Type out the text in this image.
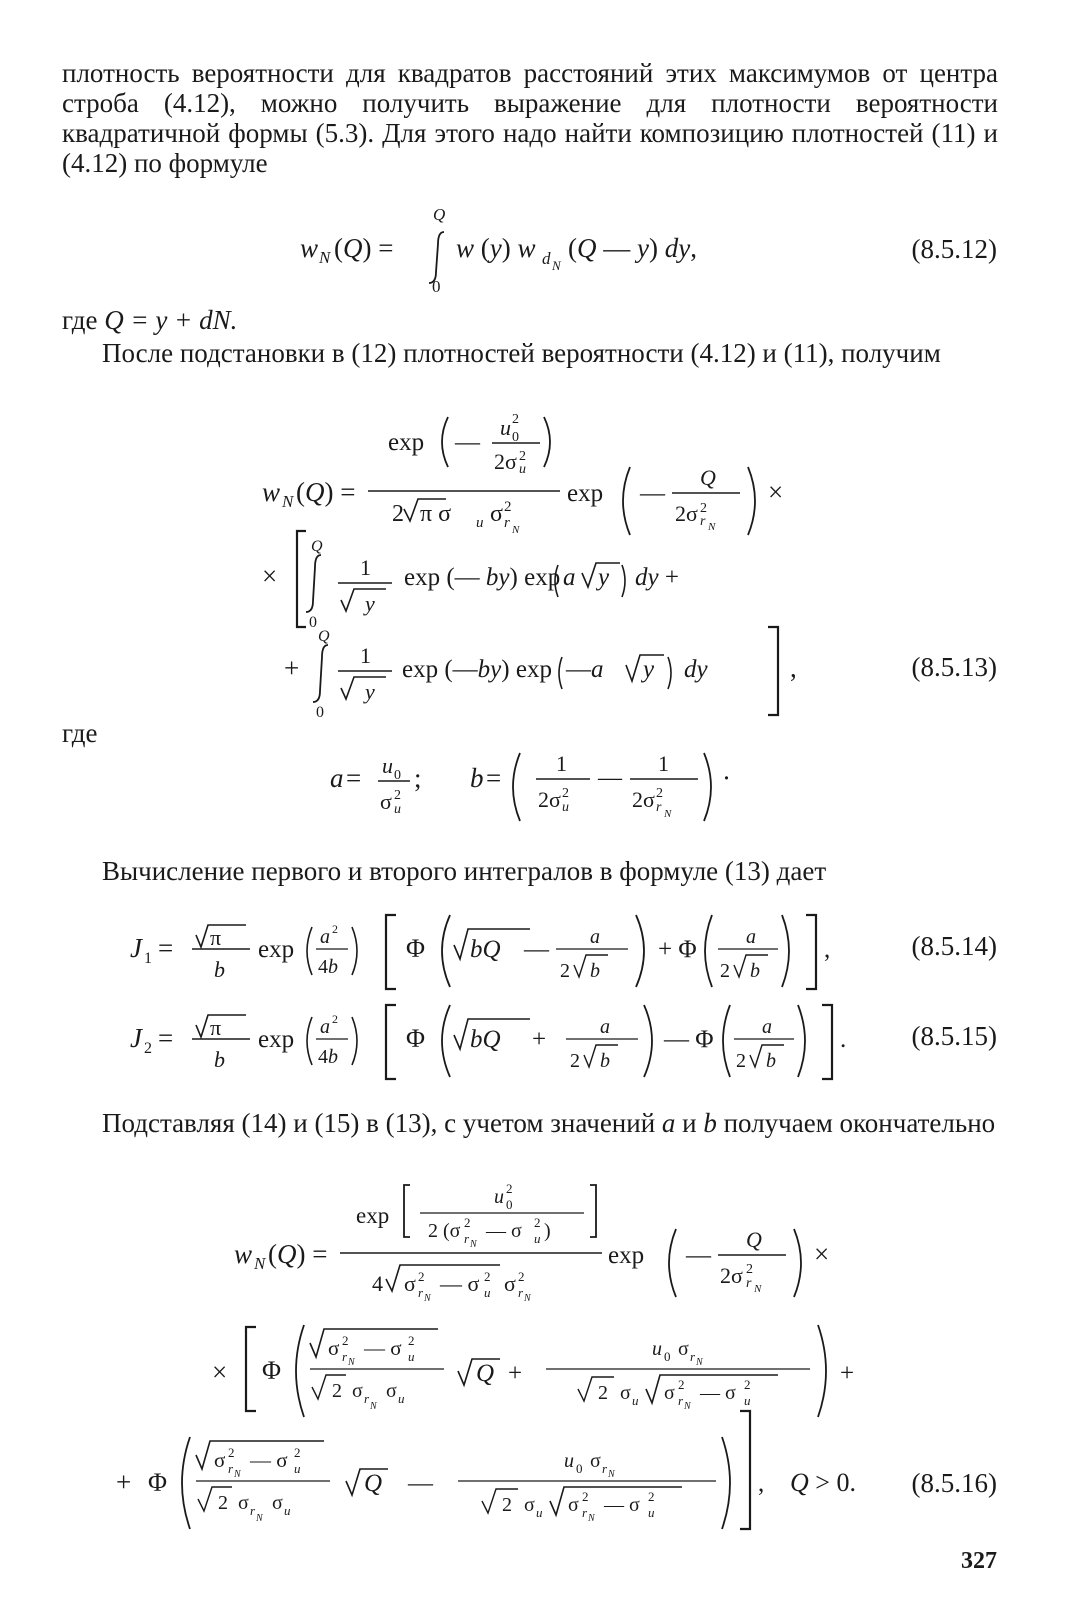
плотность вероятности для квадратов расстояний этих максимумов от центра строба (4.12), можно получить выражение для плотности вероятности квадратичной формы (5.3). Для этого надо найти композицию плотностей (11) и (4.12) по формуле
w N (Q) =
Q
0
w (y) w d N
(Q — y) dy,	(8.5.12)
где Q = y + dN.
После подстановки в (12) плотностей вероятности (4.12) и (11), получим
exp —
u 2
0
2σ 2
u
w N (Q) =
2 π σ u σ 2
r N
exp —
Q
2σ 2
r N
×
×
Q
0
1
y
exp (— by) exp a y dy +
+
Q
0
1
y
exp (—by) exp —a y dy	,	(8.5.13)
где
a = u 0
σ 2
u
; b = 1
2σ 2
u
—
1
2σ 2
r N
·
Вычисление первого и второго интегралов в формуле (13) дает
J 1 = π
b
exp a 2
4b
Φ bQ — a
2 b
+ Φ a
2 b
,
J 2 = π
b
exp a 2
4b
Φ bQ +	a
2 b
— Φ a
2 b
.
(8.5.14)
(8.5.15)
Подставляя (14) и (15) в (13), с учетом значений a и b получаем окончательно
exp
u 2
0
2 (σ 2
r N
— σ 2
u )
w N (Q) =
4 σ 2
r N
— σ 2
u σ 2
r N
exp —
Q
2σ 2
r N
×
× Φ
σ 2
r N
— σ 2
u
2 σ r
N
σ u
Q +
u 0 σ r N
2 σ u σ 2
r N
— σ 2
u
+
+ Φ
σ 2
r N
— σ 2
u
2 σ r
N
σ u
Q —
u 0 σ r N
2 σ u σ 2
r N
— σ 2
u
, Q > 0. (8.5.16)
327
